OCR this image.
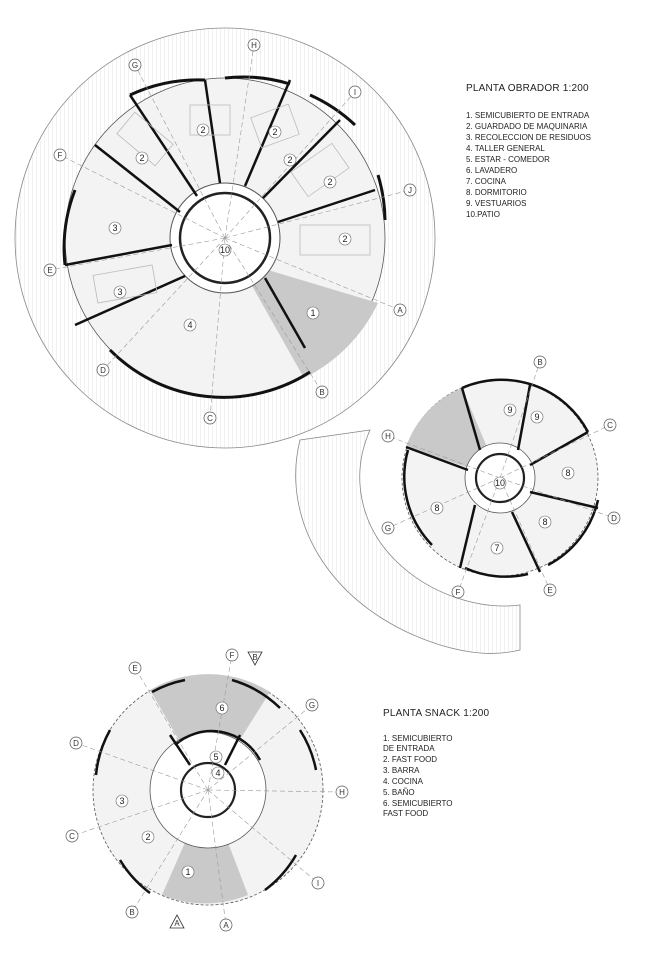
H
I
J
A
B
C
D
E
F
G
2
2	2
2
2
2
3
3
4
1
10
PLANTA OBRADOR 1:200
1. SEMICUBIERTO DE ENTRADA
2. GUARDADO DE MAQUINARIA
3. RECOLECCION DE RESIDUOS
4. TALLER GENERAL
5. ESTAR - COMEDOR
6. LAVADERO
7. COCINA
8. DORMITORIO
9. VESTUARIOS
10.PATIO
B
C
D
E
F
G
H
9
9
8
8
8
7
10
F
G
H
I
A
B
C
D
E
B
A
6
5
4
3
2
1
PLANTA SNACK 1:200
1. SEMICUBIERTO
DE ENTRADA
2. FAST FOOD
3. BARRA
4. COCINA
5. BAÑO
6. SEMICUBIERTO
FAST FOOD
